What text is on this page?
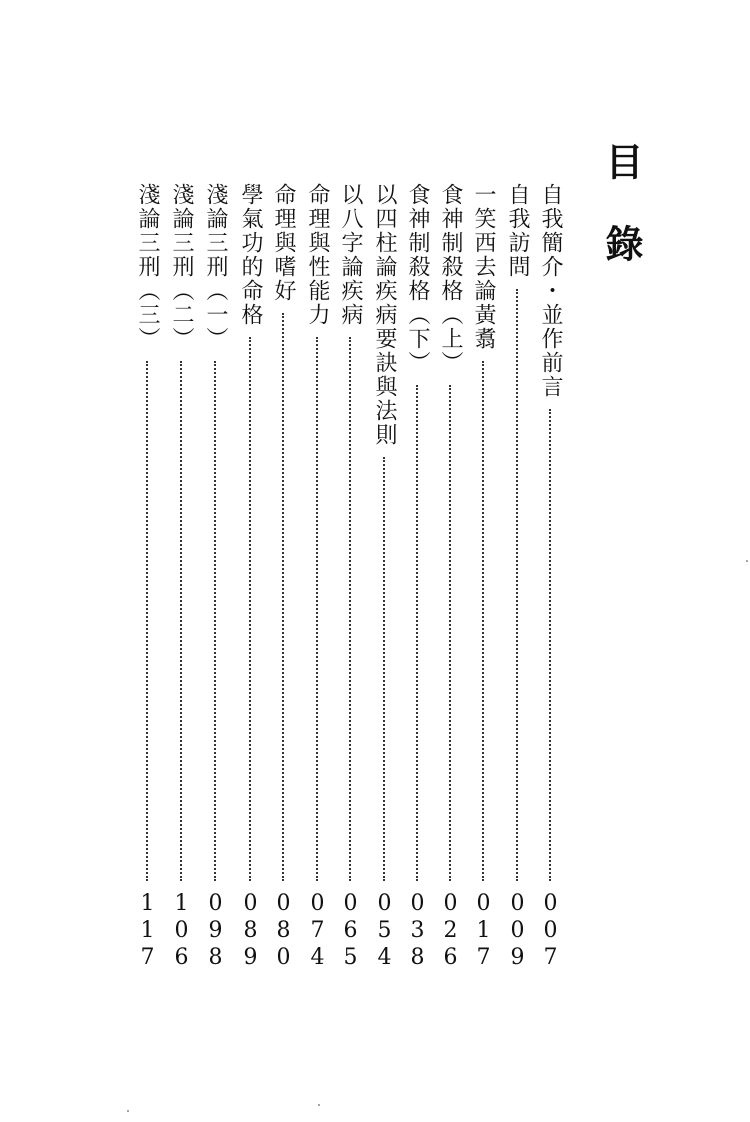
目錄
自我簡介・並作前言
007
自我訪問
009
一笑西去論黃翥
017
食神制殺格（上）
026
食神制殺格（下）
038
以四柱論疾病要訣與法則
054
以八字論疾病
065
命理與性能力
074
命理與嗜好
080
學氣功的命格
089
淺論三刑（一）
098
淺論三刑（二）
106
淺論三刑（三）
117
